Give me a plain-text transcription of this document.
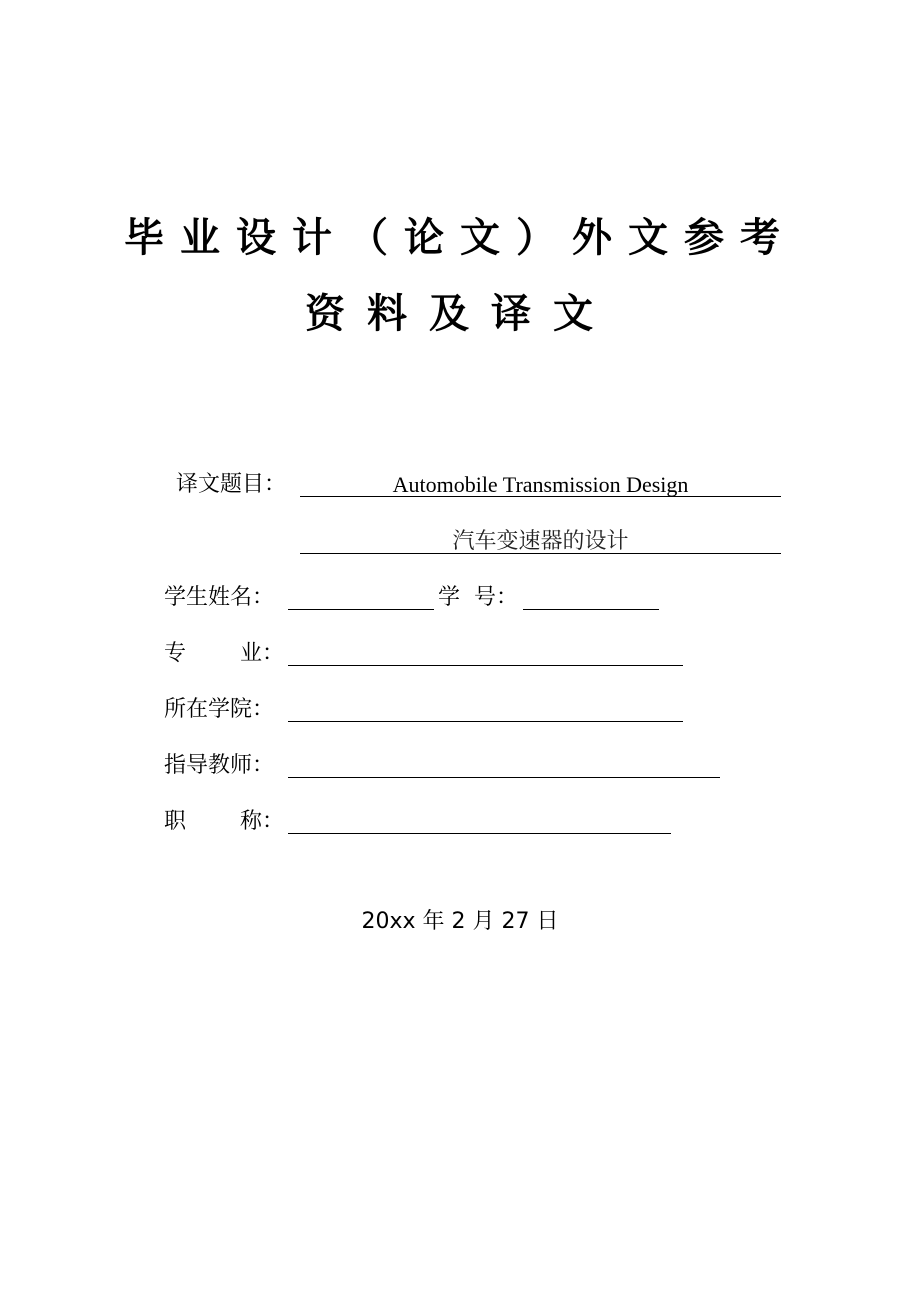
毕业设计（论文）外文参考
资料及译文
译文题目：	Automobile Transmission Design
汽车变速器的设计
学生姓名：	学 号：
专 业：
所在学院：
指导教师：
职 称：
20xx 年 2 月 27 日
